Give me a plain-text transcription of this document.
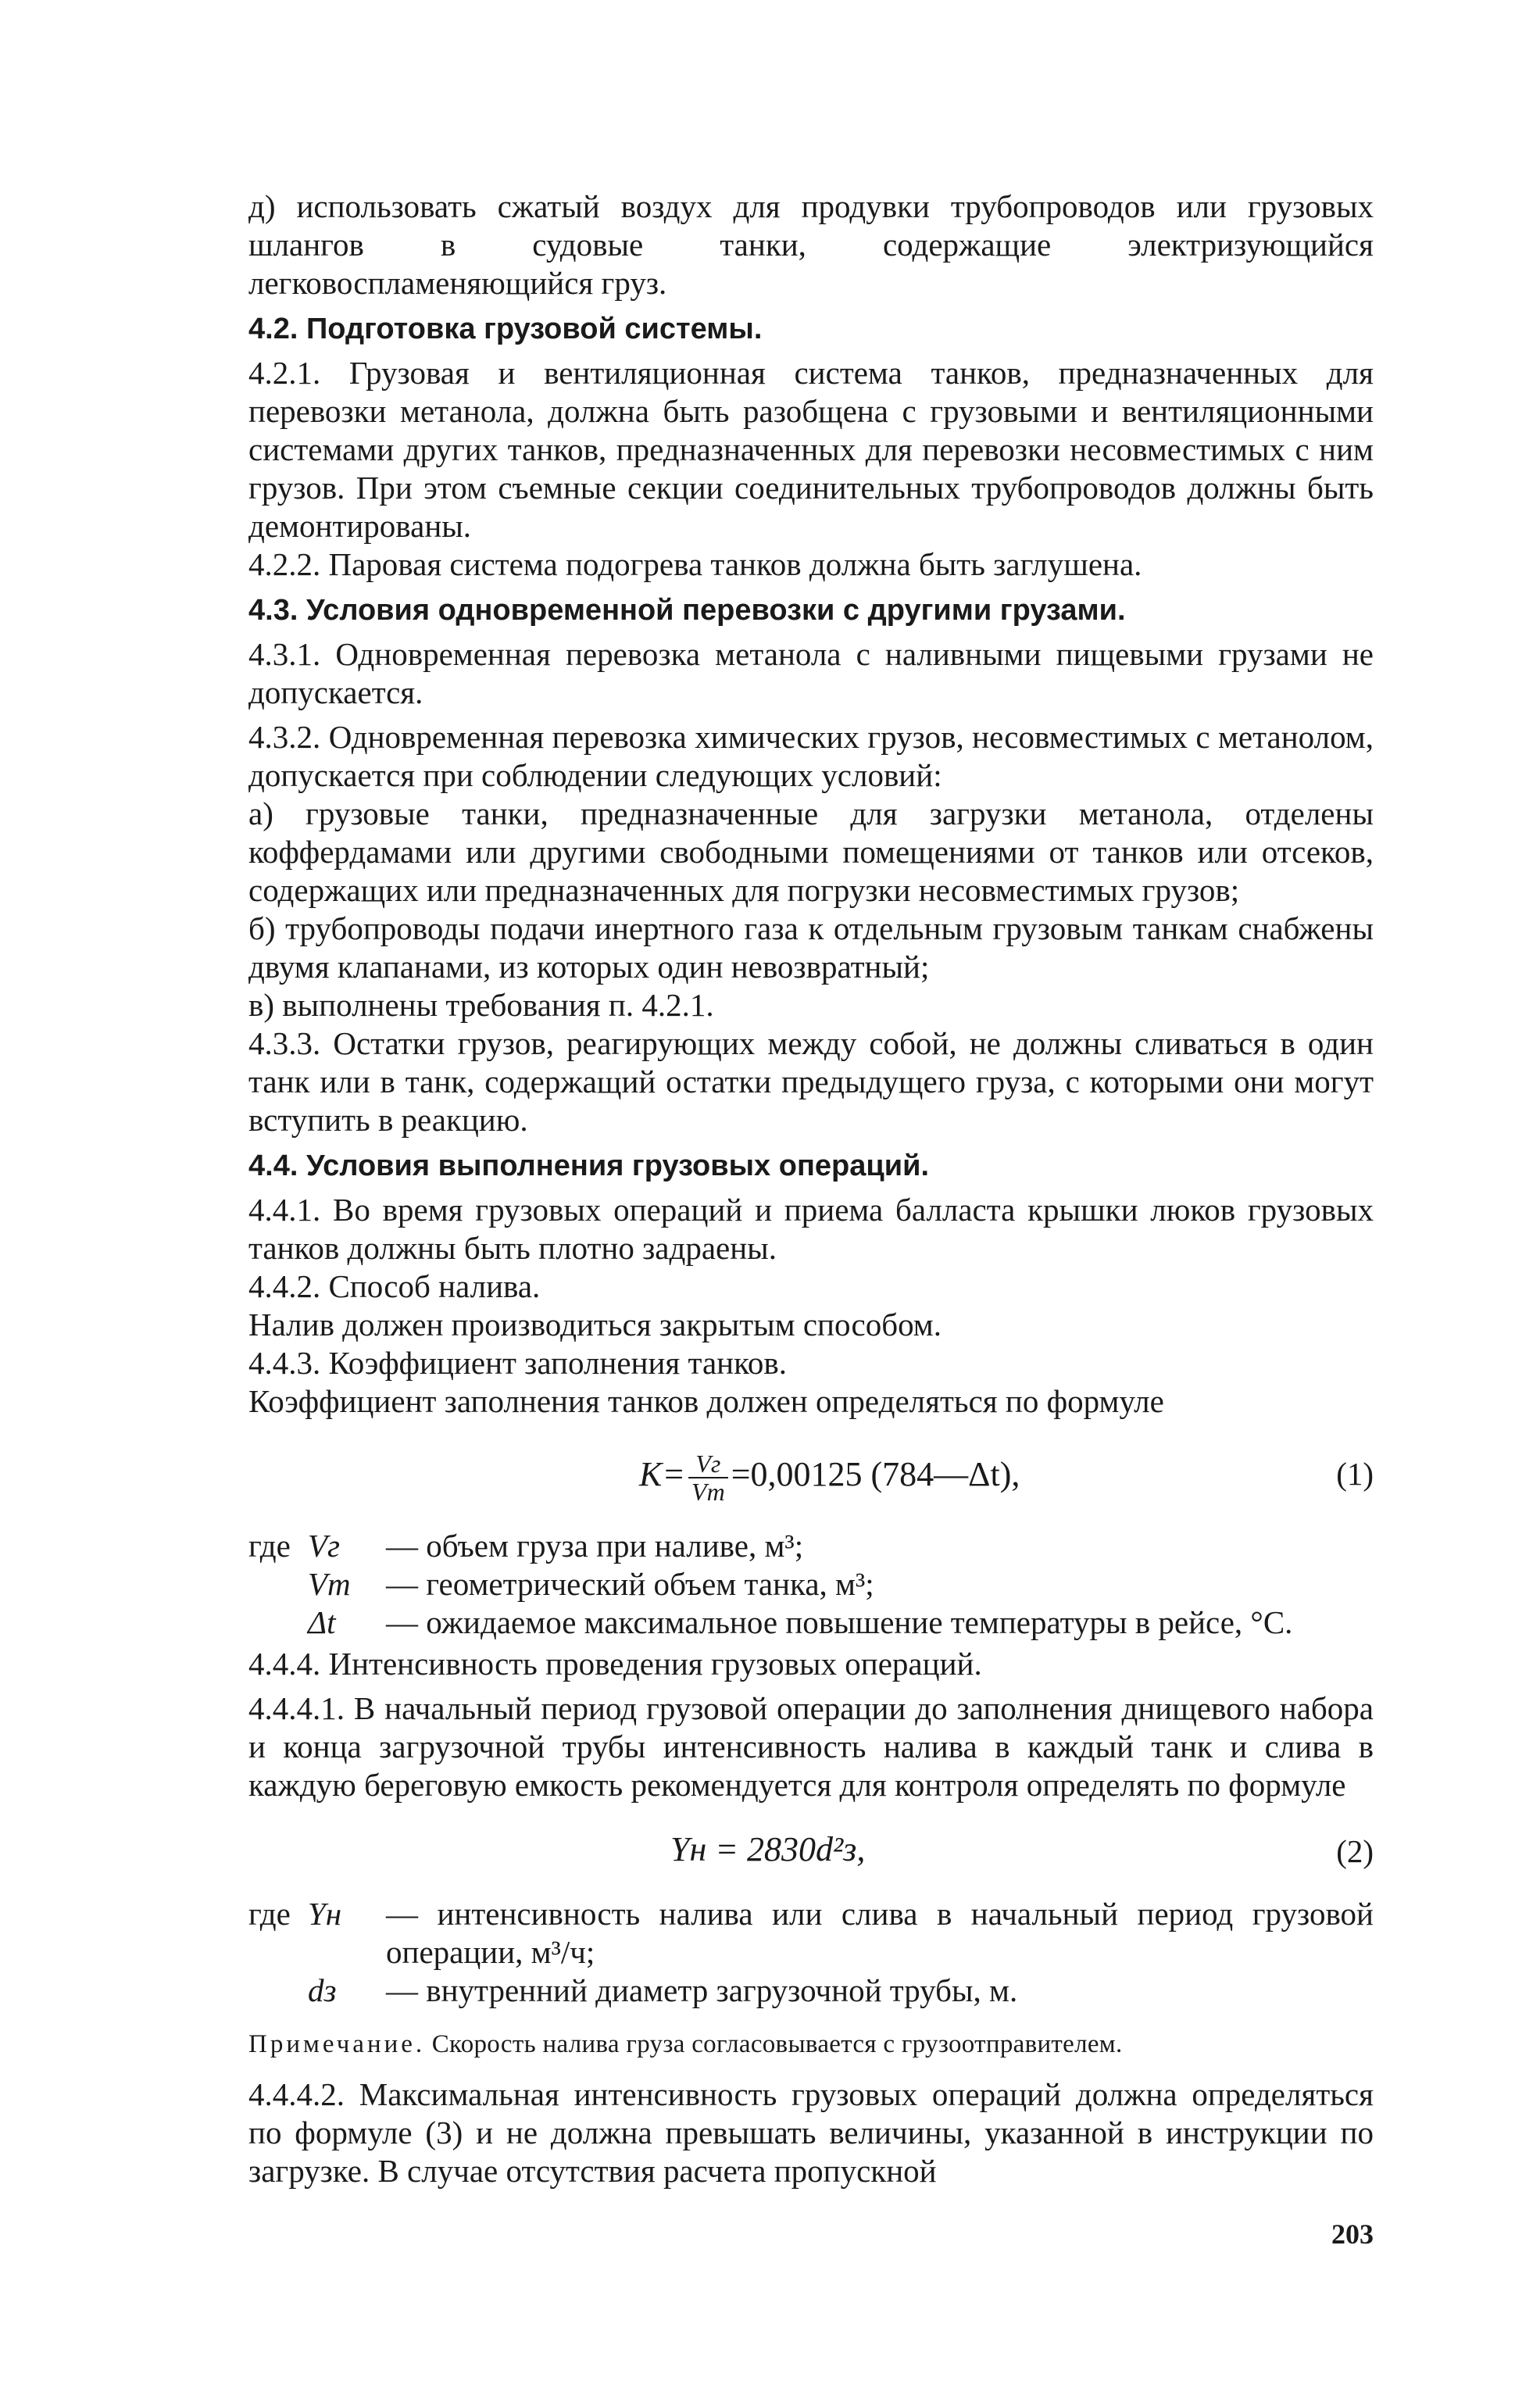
д) использовать сжатый воздух для продувки трубопроводов или грузовых шлангов в судовые танки, содержащие электризующийся легковоспламеняющийся груз.

4.2. Подготовка грузовой системы.

4.2.1. Грузовая и вентиляционная система танков, предназначенных для перевозки метанола, должна быть разобщена с грузовыми и вентиляционными системами других танков, предназначенных для перевозки несовместимых с ним грузов. При этом съемные секции соединительных трубопроводов должны быть демонтированы.

4.2.2. Паровая система подогрева танков должна быть заглушена.

4.3. Условия одновременной перевозки с другими грузами.

4.3.1. Одновременная перевозка метанола с наливными пищевыми грузами не допускается.

4.3.2. Одновременная перевозка химических грузов, несовместимых с метанолом, допускается при соблюдении следующих условий:

а) грузовые танки, предназначенные для загрузки метанола, отделены коффердамами или другими свободными помещениями от танков или отсеков, содержащих или предназначенных для погрузки несовместимых грузов;

б) трубопроводы подачи инертного газа к отдельным грузовым танкам снабжены двумя клапанами, из которых один невозвратный;

в) выполнены требования п. 4.2.1.

4.3.3. Остатки грузов, реагирующих между собой, не должны сливаться в один танк или в танк, содержащий остатки предыдущего груза, с которыми они могут вступить в реакцию.

4.4. Условия выполнения грузовых операций.

4.4.1. Во время грузовых операций и приема балласта крышки люков грузовых танков должны быть плотно задраены.

4.4.2. Способ налива.

Налив должен производиться закрытым способом.

4.4.3. Коэффициент заполнения танков.

Коэффициент заполнения танков должен определяться по формуле

$K= \frac{Vг}{Vт} =0,00125$ (784—Δt),	(1)
где Vг	— объем груза при наливе, м³;
Vт	— геометрический объем танка, м³;
Δt	— ожидаемое максимальное повышение температуры в рейсе, °С.

4.4.4. Интенсивность проведения грузовых операций.

4.4.4.1. В начальный период грузовой операции до заполнения днищевого набора и конца загрузочной трубы интенсивность налива в каждый танк и слива в каждую береговую емкость рекомендуется для контроля определять по формуле

Yн = 2830d²з,	(2)
где Yн	— интенсивность налива или слива в начальный период грузовой операции, м³/ч;
dз	— внутренний диаметр загрузочной трубы, м.

Примечание. Скорость налива груза согласовывается с грузоотправителем.

4.4.4.2. Максимальная интенсивность грузовых операций должна определяться по формуле (3) и не должна превышать величины, указанной в инструкции по загрузке. В случае отсутствия расчета пропускной

203
